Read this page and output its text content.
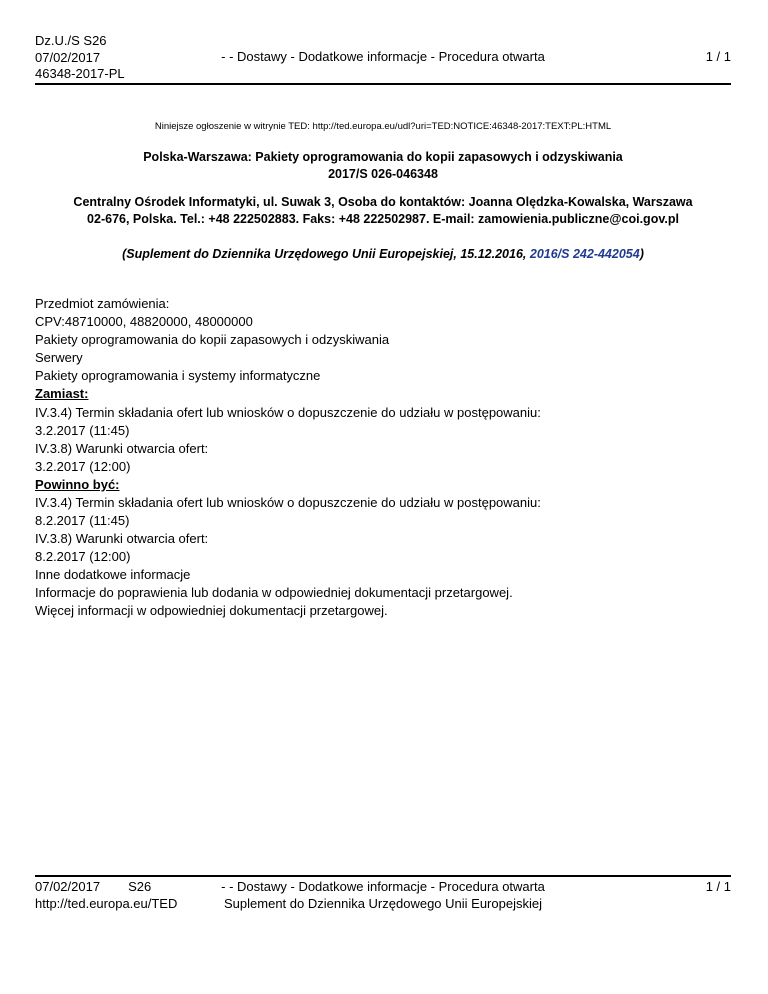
Dz.U./S S26
07/02/2017
46348-2017-PL
- - Dostawy - Dodatkowe informacje - Procedura otwarta	1 / 1
Niniejsze ogłoszenie w witrynie TED: http://ted.europa.eu/udl?uri=TED:NOTICE:46348-2017:TEXT:PL:HTML
Polska-Warszawa: Pakiety oprogramowania do kopii zapasowych i odzyskiwania
2017/S 026-046348
Centralny Ośrodek Informatyki, ul. Suwak 3, Osoba do kontaktów: Joanna Olędzka-Kowalska, Warszawa
02-676, Polska. Tel.: +48 222502883. Faks: +48 222502987. E-mail: zamowienia.publiczne@coi.gov.pl
(Suplement do Dziennika Urzędowego Unii Europejskiej, 15.12.2016, 2016/S 242-442054)
Przedmiot zamówienia:
CPV:48710000, 48820000, 48000000
Pakiety oprogramowania do kopii zapasowych i odzyskiwania
Serwery
Pakiety oprogramowania i systemy informatyczne
Zamiast:
IV.3.4) Termin składania ofert lub wniosków o dopuszczenie do udziału w postępowaniu:
3.2.2017 (11:45)
IV.3.8) Warunki otwarcia ofert:
3.2.2017 (12:00)
Powinno być:
IV.3.4) Termin składania ofert lub wniosków o dopuszczenie do udziału w postępowaniu:
8.2.2017 (11:45)
IV.3.8) Warunki otwarcia ofert:
8.2.2017 (12:00)
Inne dodatkowe informacje
Informacje do poprawienia lub dodania w odpowiedniej dokumentacji przetargowej.
Więcej informacji w odpowiedniej dokumentacji przetargowej.
07/02/2017 S26
http://ted.europa.eu/TED
- - Dostawy - Dodatkowe informacje - Procedura otwarta
Suplement do Dziennika Urzędowego Unii Europejskiej
1 / 1
